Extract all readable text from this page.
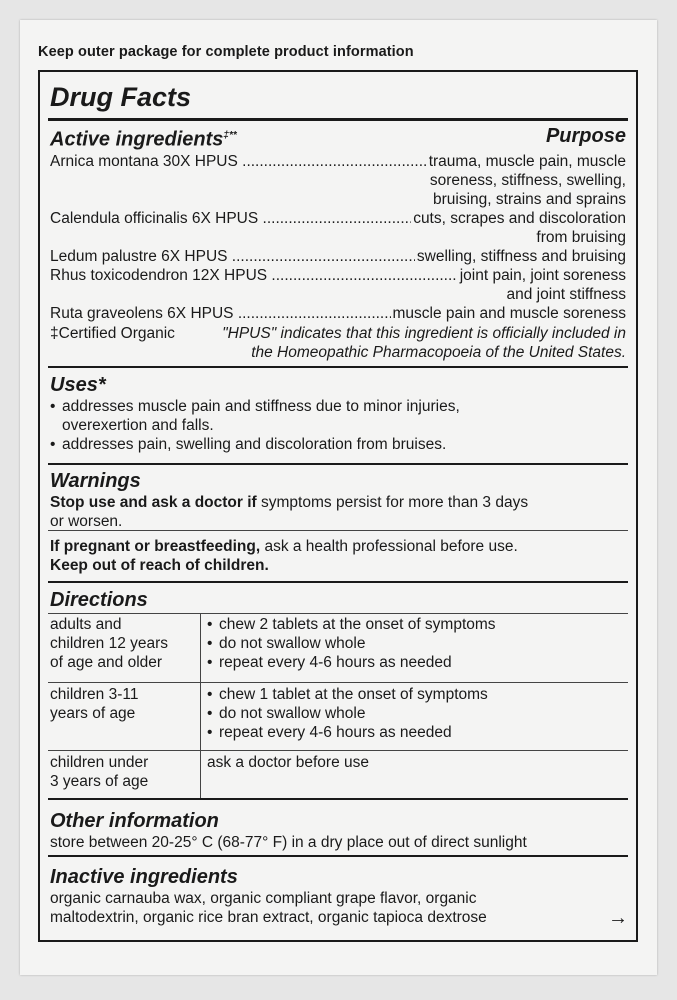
Keep outer package for complete product information
Drug Facts
Active ingredients‡**	Purpose
Arnica montana 30X HPUS .....	trauma, muscle pain, muscle
soreness, stiffness, swelling,
bruising, strains and sprains
Calendula officinalis 6X HPUS .....	cuts, scrapes and discoloration
from bruising
Ledum palustre 6X HPUS .....	swelling, stiffness and bruising
Rhus toxicodendron 12X HPUS .....	joint pain, joint soreness
and joint stiffness
Ruta graveolens 6X HPUS .....	muscle pain and muscle soreness
‡Certified Organic	"HPUS" indicates that this ingredient is officially included in
the Homeopathic Pharmacopoeia of the United States.
Uses*
• addresses muscle pain and stiffness due to minor injuries,
overexertion and falls.
• addresses pain, swelling and discoloration from bruises.
Warnings
Stop use and ask a doctor if symptoms persist for more than 3 days
or worsen.
If pregnant or breastfeeding, ask a health professional before use.
Keep out of reach of children.
Directions
adults and
children 12 years
of age and older
• chew 2 tablets at the onset of symptoms
• do not swallow whole
• repeat every 4-6 hours as needed
children 3-11
years of age
• chew 1 tablet at the onset of symptoms
• do not swallow whole
• repeat every 4-6 hours as needed
children under
3 years of age
ask a doctor before use
Other information
store between 20-25° C (68-77° F) in a dry place out of direct sunlight
Inactive ingredients
organic carnauba wax, organic compliant grape flavor, organic
maltodextrin, organic rice bran extract, organic tapioca dextrose	→
